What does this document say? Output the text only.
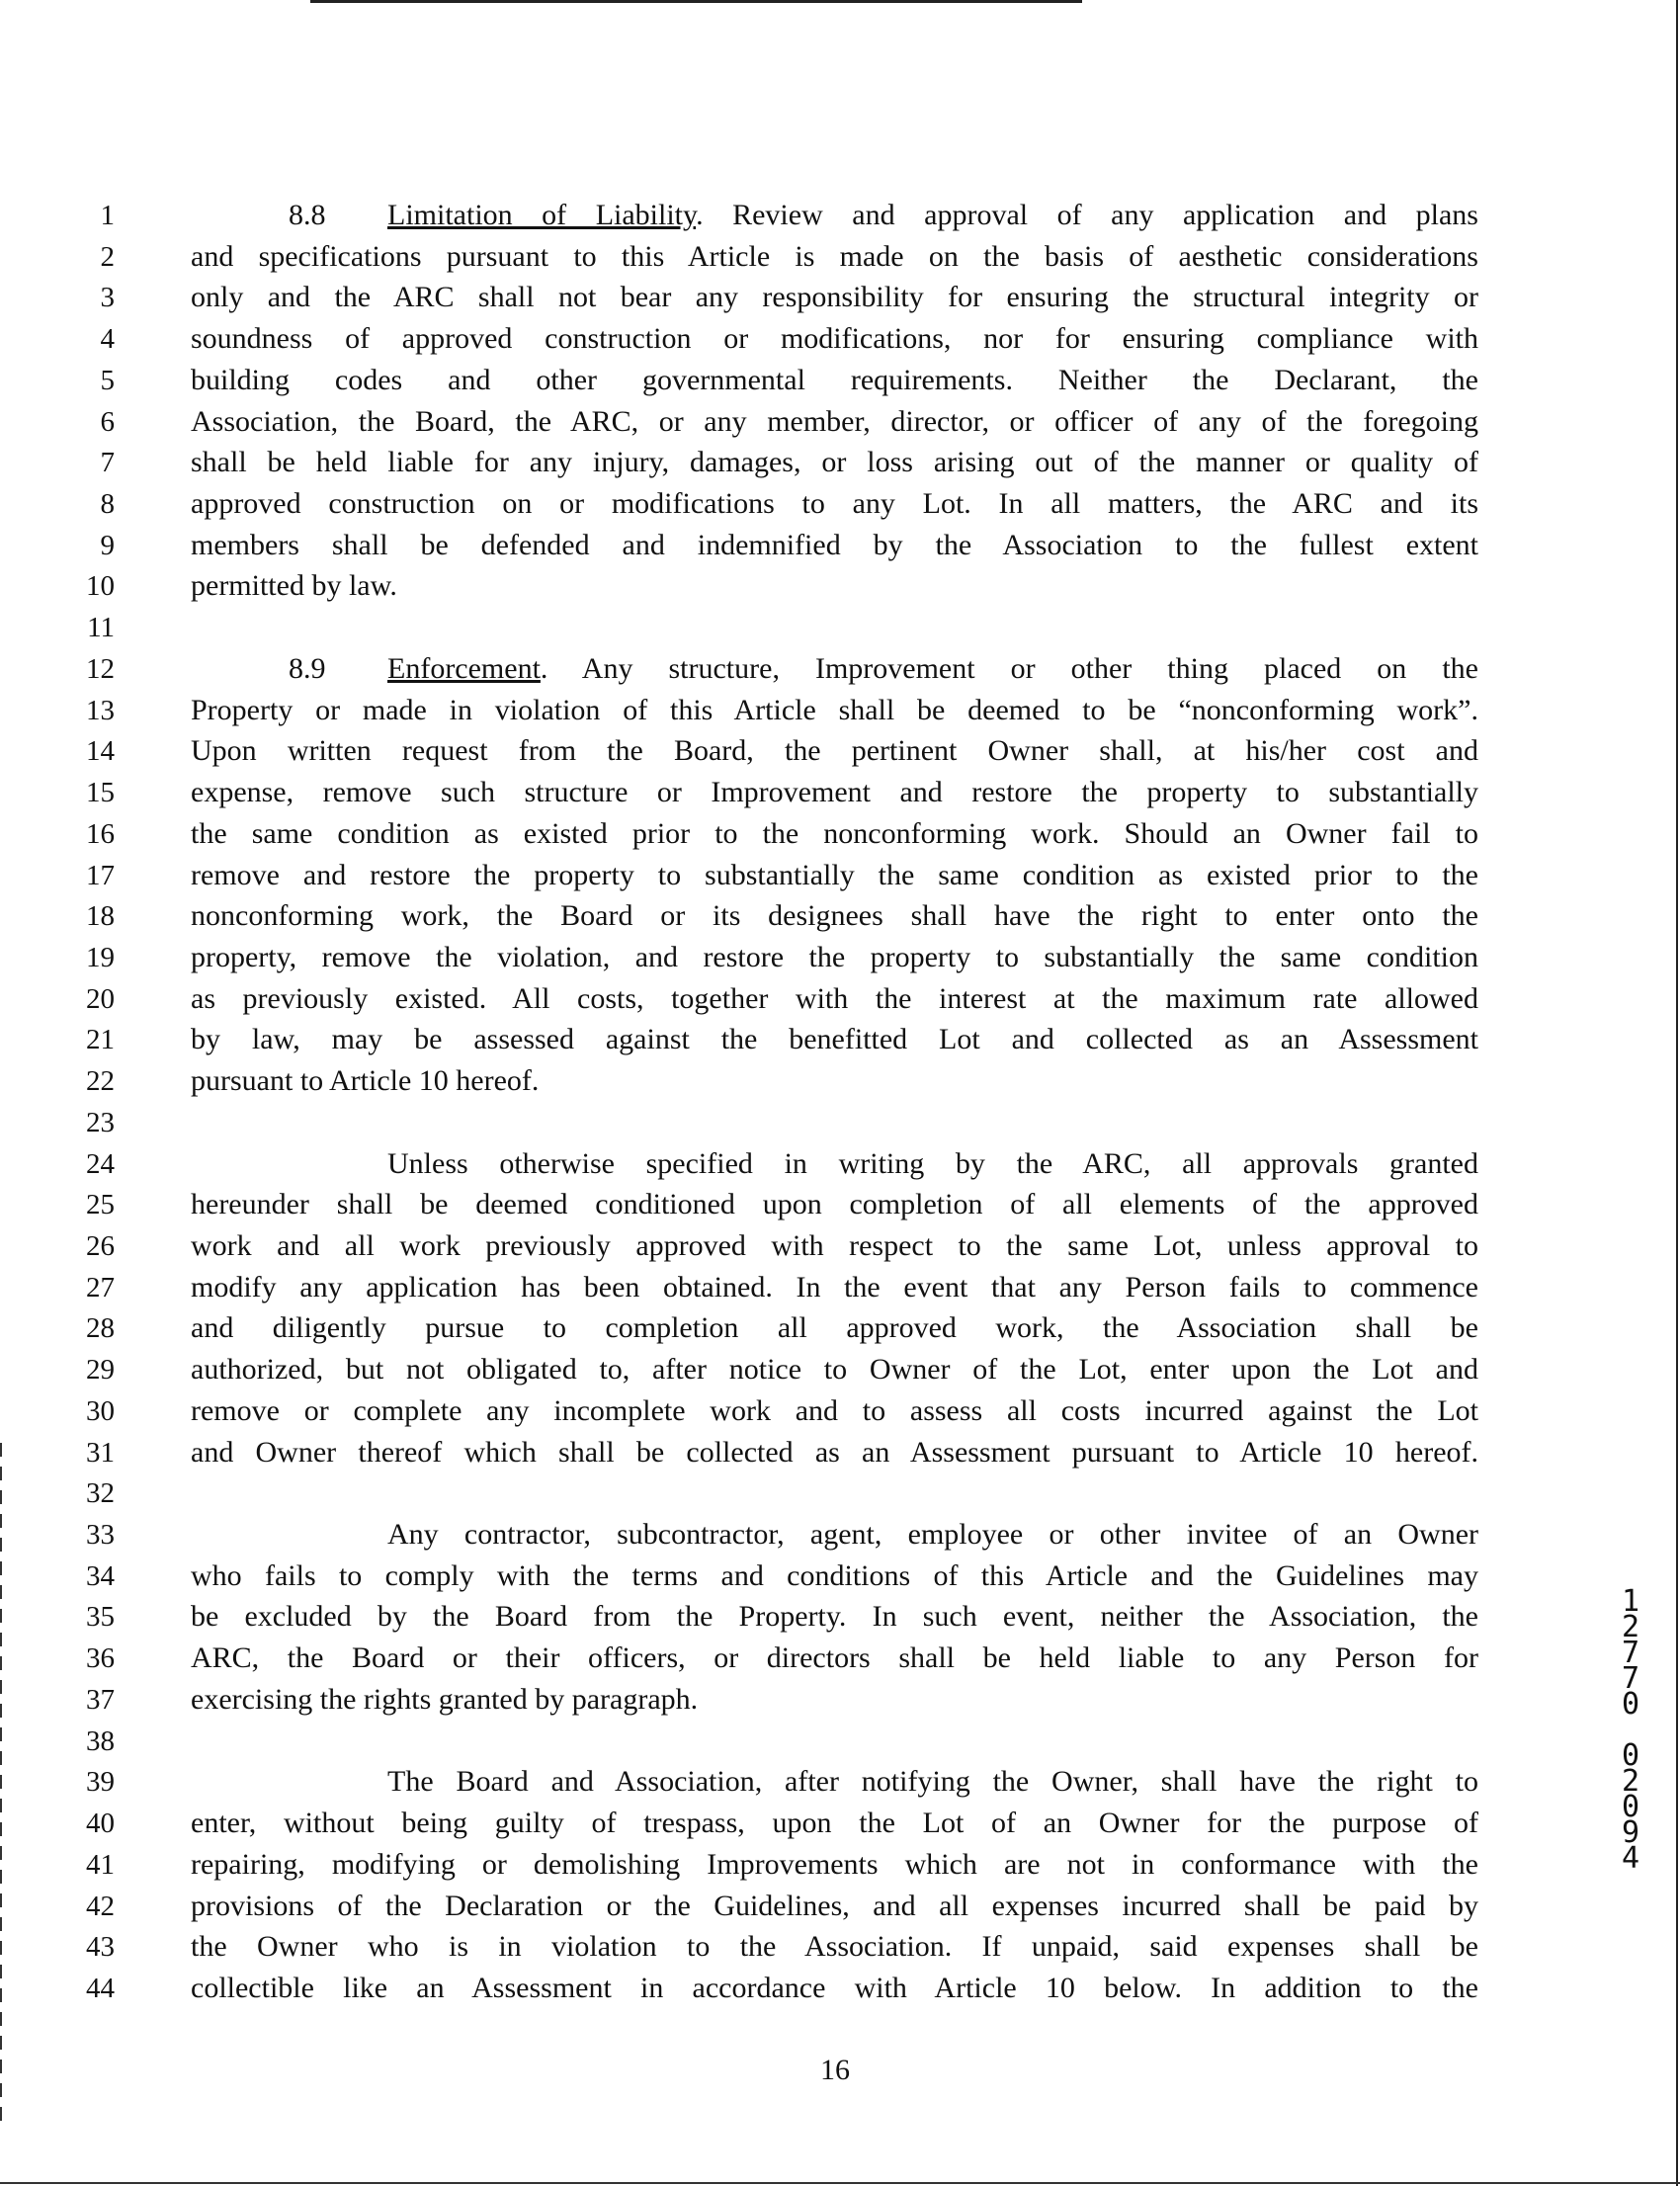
1	8.8 Limitation of Liability. Review and approval of any application and plans
2	and specifications pursuant to this Article is made on the basis of aesthetic considerations
3	only and the ARC shall not bear any responsibility for ensuring the structural integrity or
4	soundness of approved construction or modifications, nor for ensuring compliance with
5	building codes and other governmental requirements. Neither the Declarant, the
6	Association, the Board, the ARC, or any member, director, or officer of any of the foregoing
7	shall be held liable for any injury, damages, or loss arising out of the manner or quality of
8	approved construction on or modifications to any Lot. In all matters, the ARC and its
9	members shall be defended and indemnified by the Association to the fullest extent
10	permitted by law.
11
12	8.9 Enforcement. Any structure, Improvement or other thing placed on the
13	Property or made in violation of this Article shall be deemed to be “nonconforming work”.
14	Upon written request from the Board, the pertinent Owner shall, at his/her cost and
15	expense, remove such structure or Improvement and restore the property to substantially
16	the same condition as existed prior to the nonconforming work. Should an Owner fail to
17	remove and restore the property to substantially the same condition as existed prior to the
18	nonconforming work, the Board or its designees shall have the right to enter onto the
19	property, remove the violation, and restore the property to substantially the same condition
20	as previously existed. All costs, together with the interest at the maximum rate allowed
21	by law, may be assessed against the benefitted Lot and collected as an Assessment
22	pursuant to Article 10 hereof.
23
24	Unless otherwise specified in writing by the ARC, all approvals granted
25	hereunder shall be deemed conditioned upon completion of all elements of the approved
26	work and all work previously approved with respect to the same Lot, unless approval to
27	modify any application has been obtained. In the event that any Person fails to commence
28	and diligently pursue to completion all approved work, the Association shall be
29	authorized, but not obligated to, after notice to Owner of the Lot, enter upon the Lot and
30	remove or complete any incomplete work and to assess all costs incurred against the Lot
31	and Owner thereof which shall be collected as an Assessment pursuant to Article 10 hereof.
32
33	Any contractor, subcontractor, agent, employee or other invitee of an Owner
34	who fails to comply with the terms and conditions of this Article and the Guidelines may
35	be excluded by the Board from the Property. In such event, neither the Association, the
36	ARC, the Board or their officers, or directors shall be held liable to any Person for
37	exercising the rights granted by paragraph.
38
39	The Board and Association, after notifying the Owner, shall have the right to
40	enter, without being guilty of trespass, upon the Lot of an Owner for the purpose of
41	repairing, modifying or demolishing Improvements which are not in conformance with the
42	provisions of the Declaration or the Guidelines, and all expenses incurred shall be paid by
43	the Owner who is in violation to the Association. If unpaid, said expenses shall be
44	collectible like an Assessment in accordance with Article 10 below. In addition to the
16
1
2
7
7
0

0
2
0
9
4
